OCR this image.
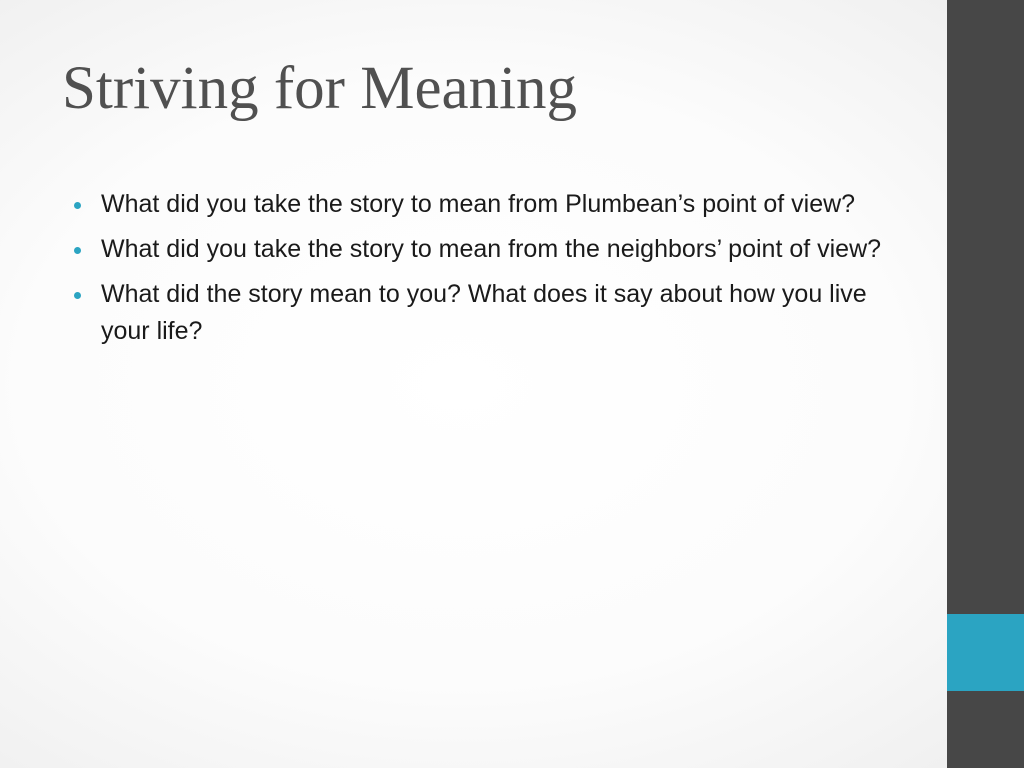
Striving for Meaning
What did you take the story to mean from Plumbean’s point of view?
What did you take the story to mean from the neighbors’ point of view?
What did the story mean to you? What does it say about how you live your life?
